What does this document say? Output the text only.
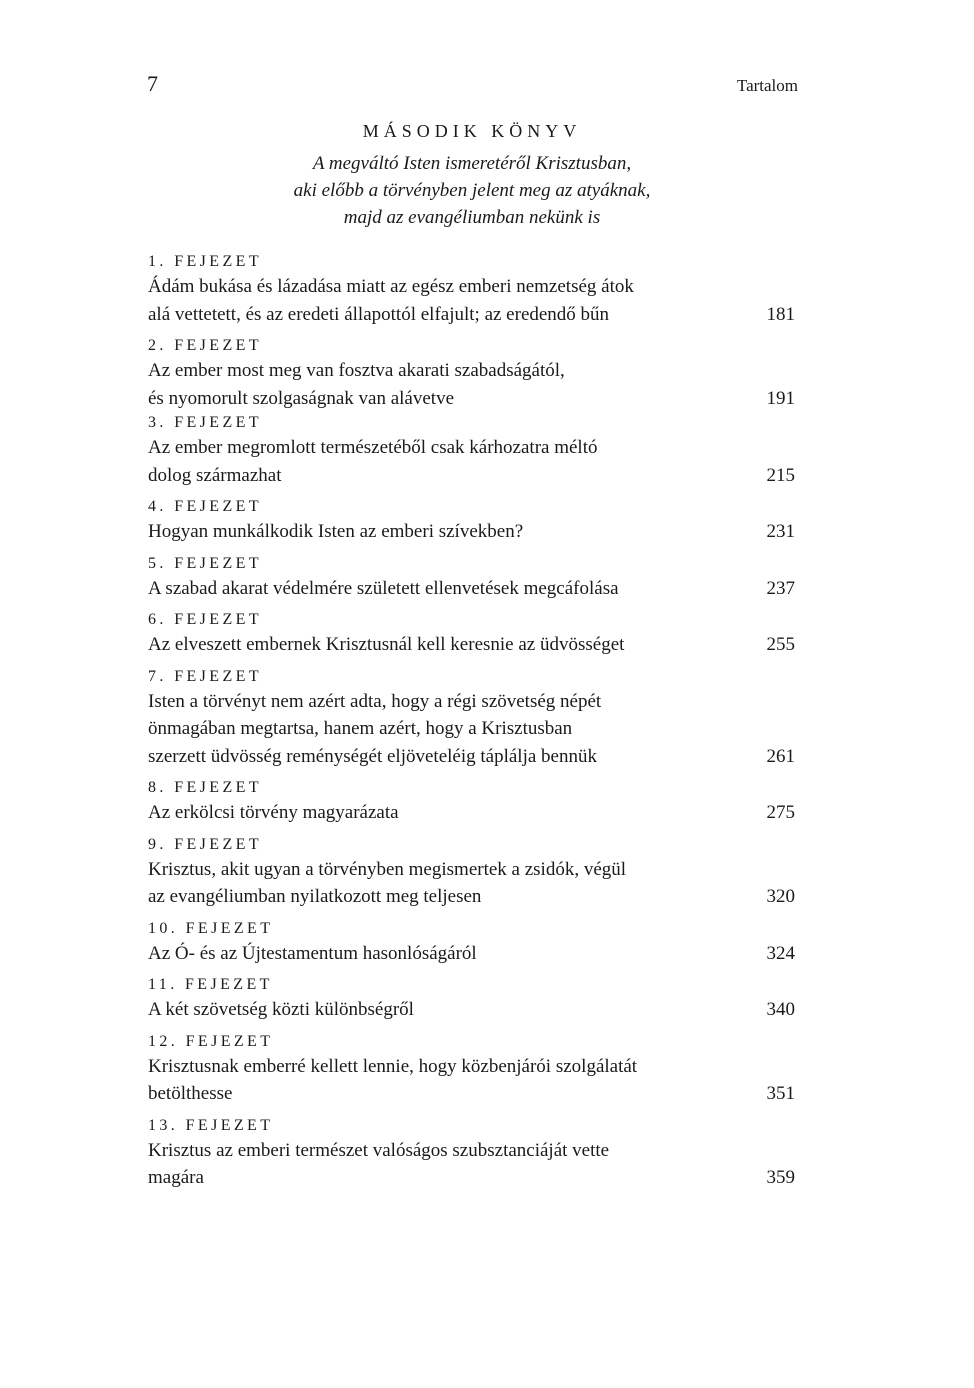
7	Tartalom
MÁSODIK KÖNYV
A megváltó Isten ismeretéről Krisztusban,
aki előbb a törvényben jelent meg az atyáknak,
majd az evangéliumban nekünk is
1. FEJEZET
Ádám bukása és lázadása miatt az egész emberi nemzetség átok
alá vettetett, és az eredeti állapottól elfajult; az eredendő bűn	181
2. FEJEZET
Az ember most meg van fosztva akarati szabadságától,
és nyomorult szolgaságnak van alávetve	191
3. FEJEZET
Az ember megromlott természetéből csak kárhozatra méltó
dolog származhat	215
4. FEJEZET
Hogyan munkálkodik Isten az emberi szívekben?	231
5. FEJEZET
A szabad akarat védelmére született ellenvetések megcáfolása	237
6. FEJEZET
Az elveszett embernek Krisztusnál kell keresnie az üdvösséget	255
7. FEJEZET
Isten a törvényt nem azért adta, hogy a régi szövetség népét
önmagában megtartsa, hanem azért, hogy a Krisztusban
szerzett üdvösség reménységét eljöveteléig táplálja bennük	261
8. FEJEZET
Az erkölcsi törvény magyarázata	275
9. FEJEZET
Krisztus, akit ugyan a törvényben megismertek a zsidók, végül
az evangéliumban nyilatkozott meg teljesen	320
10. FEJEZET
Az Ó- és az Újtestamentum hasonlóságáról	324
11. FEJEZET
A két szövetség közti különbségről	340
12. FEJEZET
Krisztusnak emberré kellett lennie, hogy közbenjárói szolgálatát
betölthesse	351
13. FEJEZET
Krisztus az emberi természet valóságos szubsztanciáját vette
magára	359
